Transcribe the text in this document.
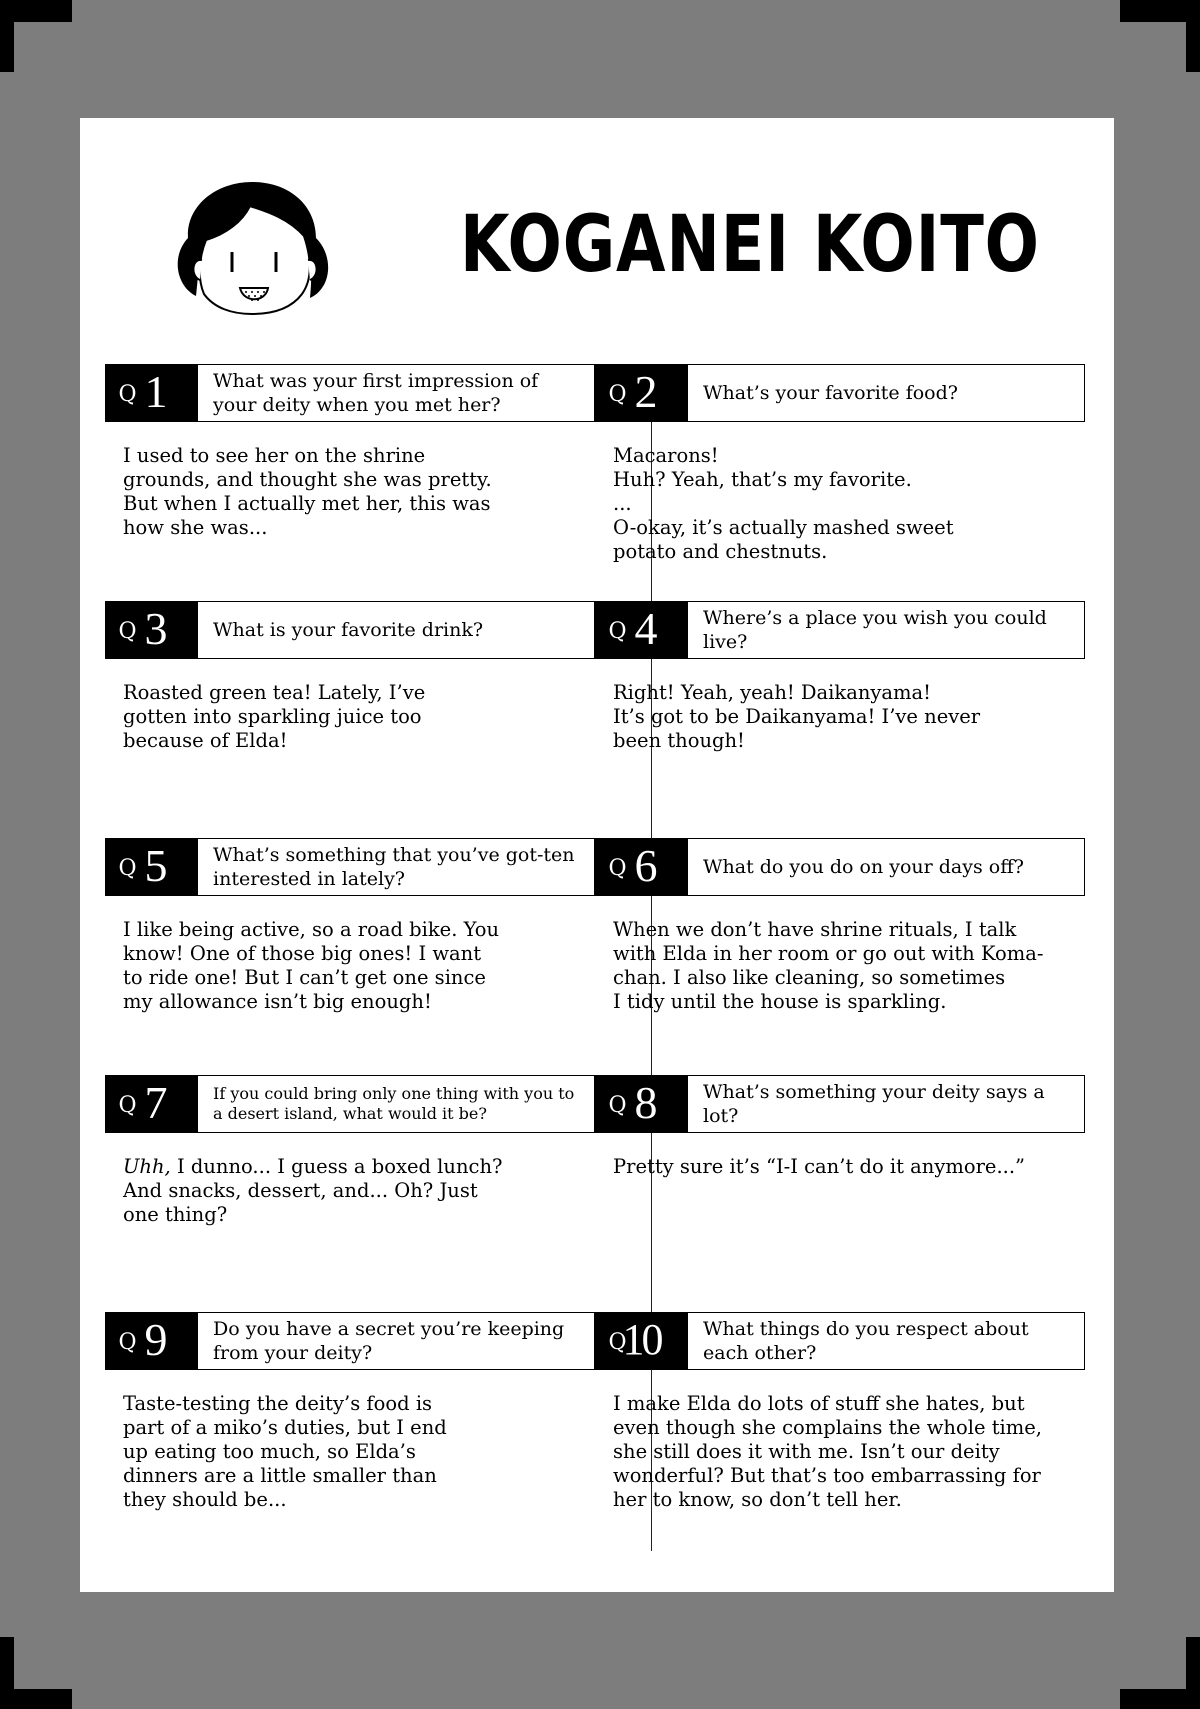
KOGANEI KOITO
Q 1 What was your first impression of your deity when you met her?
I used to see her on the shrine
grounds, and thought she was pretty.
But when I actually met her, this was
how she was...
Q 2 What’s your favorite food?
Macarons!
Huh? Yeah, that’s my favorite.
...
O-okay, it’s actually mashed sweet
potato and chestnuts.
Q 3 What is your favorite drink?
Roasted green tea! Lately, I’ve
gotten into sparkling juice too
because of Elda!
Q 4 Where’s a place you wish you could live?
Right! Yeah, yeah! Daikanyama!
It’s got to be Daikanyama! I’ve never
been though!
Q 5 What’s something that you’ve got-ten interested in lately?
I like being active, so a road bike. You
know! One of those big ones! I want
to ride one! But I can’t get one since
my allowance isn’t big enough!
Q 6 What do you do on your days off?
When we don’t have shrine rituals, I talk
with Elda in her room or go out with Koma-
chan. I also like cleaning, so sometimes
I tidy until the house is sparkling.
Q 7	If you could bring only one thing with you to a desert island, what would it be?
Uhh, I dunno... I guess a boxed lunch?
And snacks, dessert, and... Oh? Just
one thing?
Q 8 What’s something your deity says a lot?
Pretty sure it’s “I-I can’t do it anymore...”
Q 9 Do you have a secret you’re keeping from your deity?
Taste-testing the deity’s food is
part of a miko’s duties, but I end
up eating too much, so Elda’s
dinners are a little smaller than
they should be...
Q
10 What things do you respect about each other?
I make Elda do lots of stuff she hates, but
even though she complains the whole time,
she still does it with me. Isn’t our deity
wonderful? But that’s too embarrassing for
her to know, so don’t tell her.
